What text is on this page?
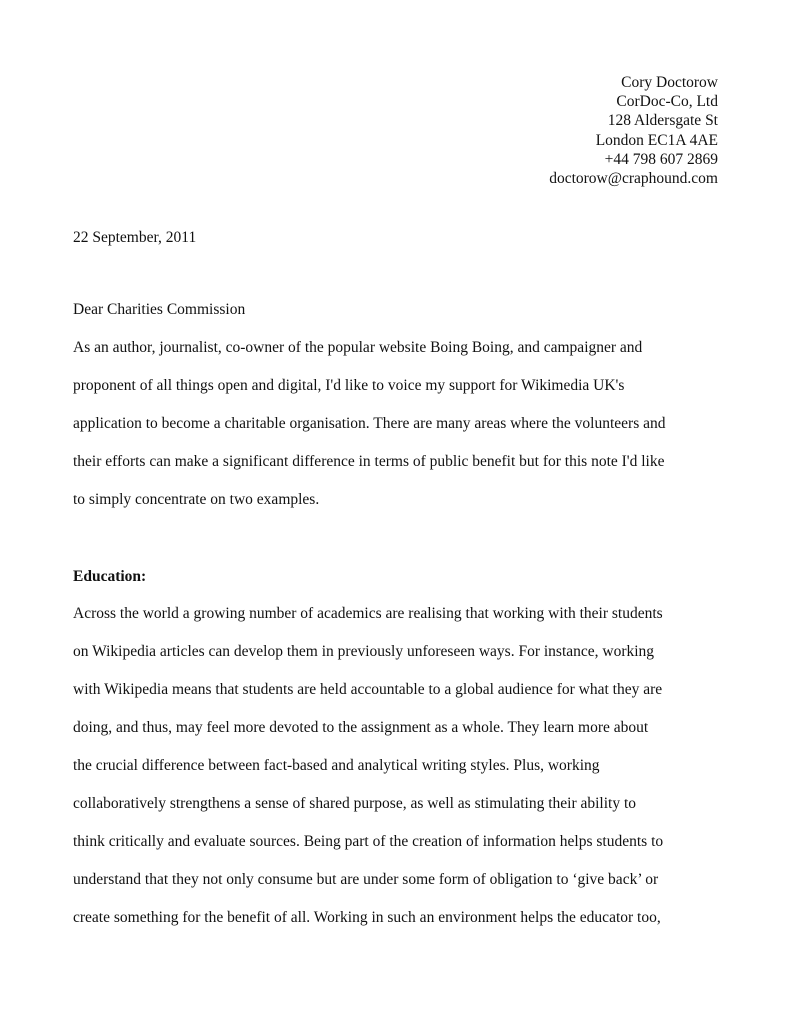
Cory Doctorow
CorDoc-Co, Ltd
128 Aldersgate St
London EC1A 4AE
+44 798 607 2869
doctorow@craphound.com
22 September, 2011
Dear Charities Commission
As an author, journalist, co-owner of the popular website Boing Boing, and campaigner and
proponent of all things open and digital, I'd like to voice my support for Wikimedia UK's
application to become a charitable organisation. There are many areas where the volunteers and
their efforts can make a significant difference in terms of public benefit but for this note I'd like
to simply concentrate on two examples.
Education:
Across the world a growing number of academics are realising that working with their students
on Wikipedia articles can develop them in previously unforeseen ways. For instance, working
with Wikipedia means that students are held accountable to a global audience for what they are
doing, and thus, may feel more devoted to the assignment as a whole. They learn more about
the crucial difference between fact-based and analytical writing styles. Plus, working
collaboratively strengthens a sense of shared purpose, as well as stimulating their ability to
think critically and evaluate sources. Being part of the creation of information helps students to
understand that they not only consume but are under some form of obligation to ‘give back’ or
create something for the benefit of all. Working in such an environment helps the educator too,
